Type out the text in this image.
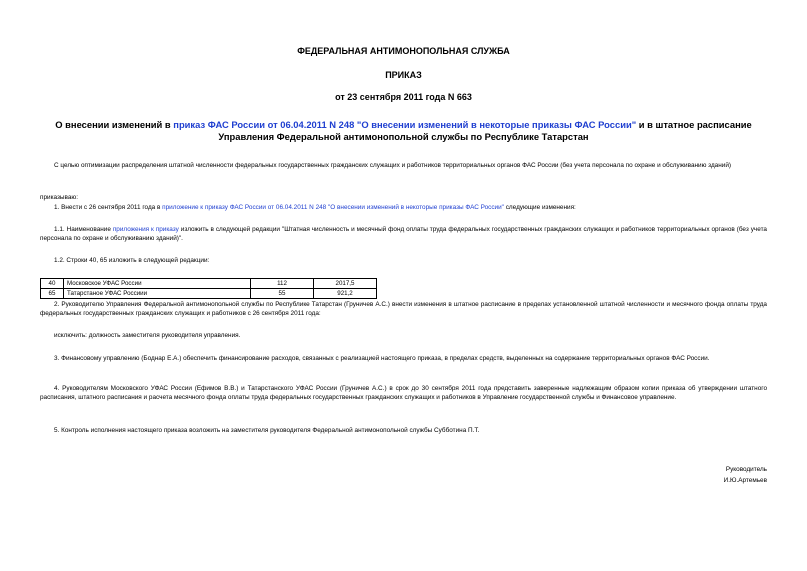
ФЕДЕРАЛЬНАЯ АНТИМОНОПОЛЬНАЯ СЛУЖБА
ПРИКАЗ
от 23 сентября 2011 года N 663
О внесении изменений в приказ ФАС России от 06.04.2011 N 248 "О внесении изменений в некоторые приказы ФАС России" и в штатное расписание Управления Федеральной антимонопольной службы по Республике Татарстан
С целью оптимизации распределения штатной численности федеральных государственных гражданских служащих и работников территориальных органов ФАС России (без учета персонала по охране и обслуживанию зданий)
приказываю:
1. Внести с 26 сентября 2011 года в приложение к приказу ФАС России от 06.04.2011 N 248 "О внесении изменений в некоторые приказы ФАС России" следующие изменения:
1.1. Наименование приложения к приказу изложить в следующей редакции "Штатная численность и месячный фонд оплаты труда федеральных государственных гражданских служащих и работников территориальных органов (без учета персонала по охране и обслуживанию зданий)".
1.2. Строки 40, 65 изложить в следующей редакции:
40	Московское УФАС России	112	2017,5
65	Татарстаное УФАС Россиии	55	921,2
2. Руководителю Управления Федеральной антимонопольной службы по Республике Татарстан (Груничев А.С.) внести изменения в штатное расписание в пределах установленной штатной численности и месячного фонда оплаты труда федеральных государственных гражданских служащих и работников с 26 сентября 2011 года:
исключить: должность заместителя руководителя управления.
3. Финансовому управлению (Боднар Е.А.) обеспечить финансирование расходов, связанных с реализацией настоящего приказа, в пределах средств, выделенных на содержание территориальных органов ФАС России.
4. Руководителям Московского УФАС России (Ефимов В.В.) и Татарстанского УФАС России (Груничев А.С.) в срок до 30 сентября 2011 года представить заверенные надлежащим образом копии приказа об утверждении штатного расписания, штатного расписания и расчета месячного фонда оплаты труда федеральных государственных гражданских служащих и работников в Управление государственной службы и Финансовое управление.
5. Контроль исполнения настоящего приказа возложить на заместителя руководителя Федеральной антимонопольной службы Субботина П.Т.
Руководитель
И.Ю.Артемьев
